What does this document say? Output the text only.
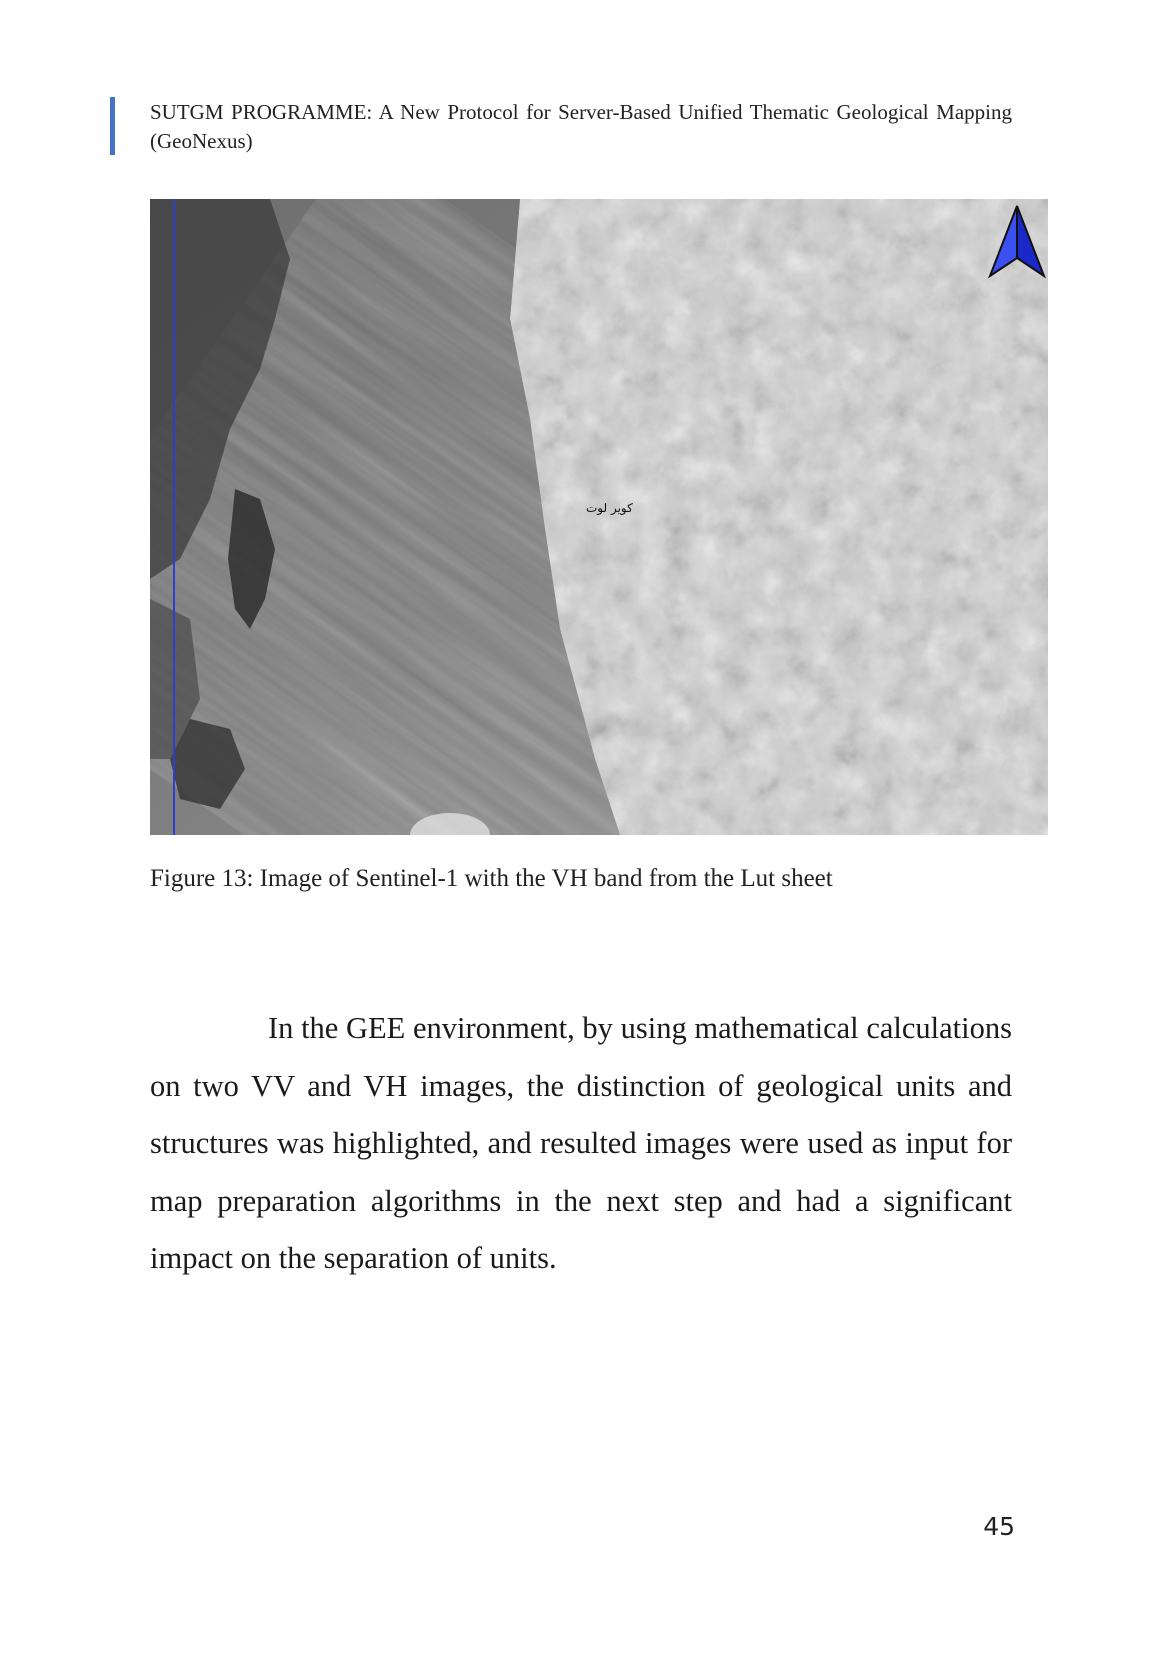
SUTGM PROGRAMME: A New Protocol for Server-Based Unified Thematic Geological Mapping (GeoNexus)
کویر لوت
Figure 13: Image of Sentinel-1 with the VH band from the Lut sheet
In the GEE environment, by using mathematical calculations on two VV and VH images, the distinction of geological units and structures was highlighted, and resulted images were used as input for map preparation algorithms in the next step and had a significant impact on the separation of units.
45
